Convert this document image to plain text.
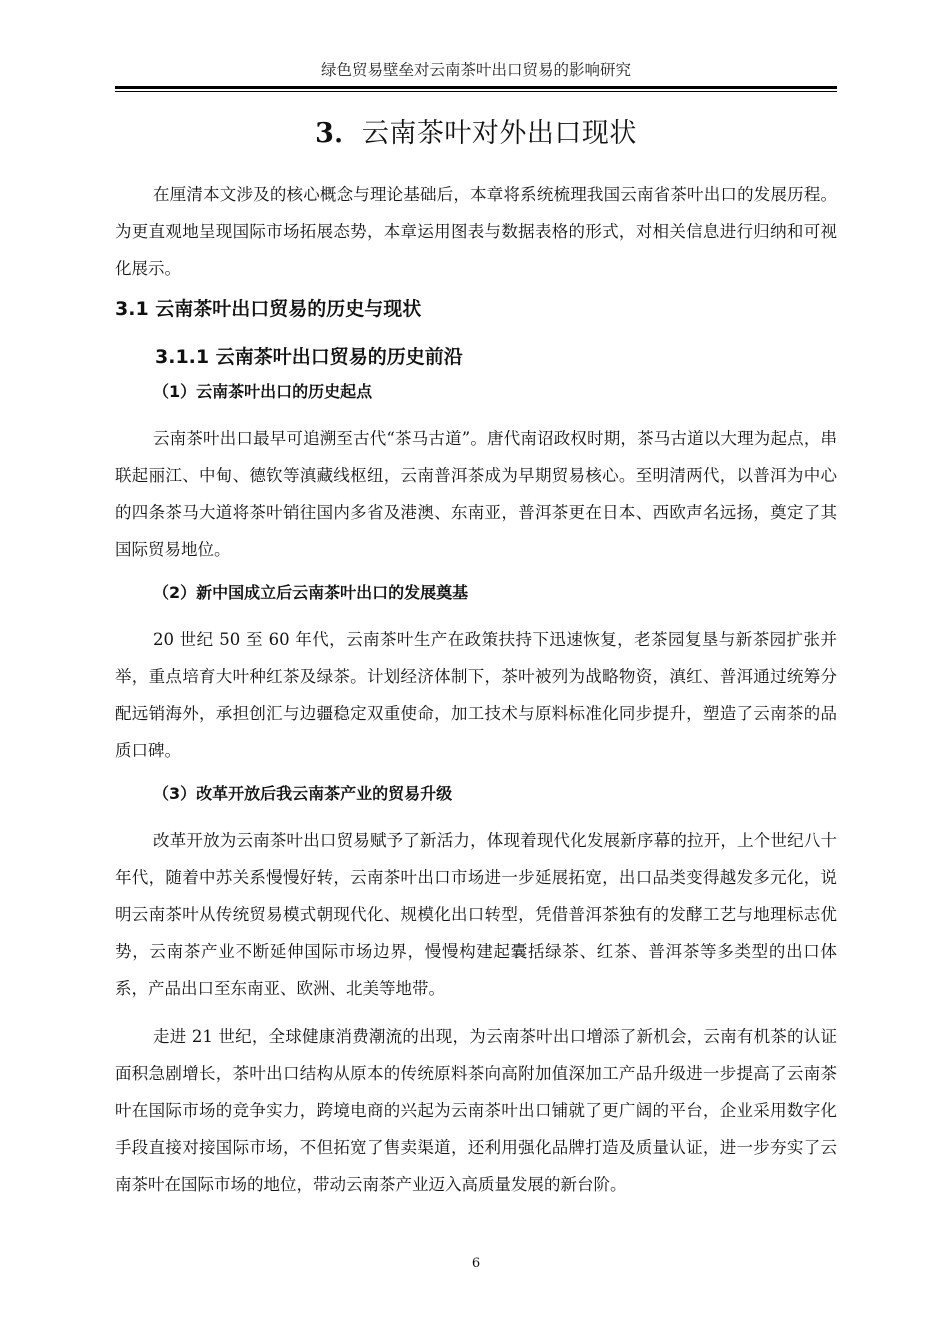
绿色贸易壁垒对云南茶叶出口贸易的影响研究
3．云南茶叶对外出口现状

在厘清本文涉及的核心概念与理论基础后，本章将系统梳理我国云南省茶叶出口的发展历程。为更直观地呈现国际市场拓展态势，本章运用图表与数据表格的形式，对相关信息进行归纳和可视化展示。

3.1 云南茶叶出口贸易的历史与现状
3.1.1 云南茶叶出口贸易的历史前沿
（1）云南茶叶出口的历史起点

云南茶叶出口最早可追溯至古代“茶马古道”。唐代南诏政权时期，茶马古道以大理为起点，串联起丽江、中甸、德钦等滇藏线枢纽，云南普洱茶成为早期贸易核心。至明清两代，以普洱为中心的四条茶马大道将茶叶销往国内多省及港澳、东南亚，普洱茶更在日本、西欧声名远扬，奠定了其国际贸易地位。

（2）新中国成立后云南茶叶出口的发展奠基

20 世纪 50 至 60 年代，云南茶叶生产在政策扶持下迅速恢复，老茶园复垦与新茶园扩张并举，重点培育大叶种红茶及绿茶。计划经济体制下，茶叶被列为战略物资，滇红、普洱通过统筹分配远销海外，承担创汇与边疆稳定双重使命，加工技术与原料标准化同步提升，塑造了云南茶的品质口碑。

（3）改革开放后我云南茶产业的贸易升级

改革开放为云南茶叶出口贸易赋予了新活力，体现着现代化发展新序幕的拉开，上个世纪八十年代，随着中苏关系慢慢好转，云南茶叶出口市场进一步延展拓宽，出口品类变得越发多元化，说明云南茶叶从传统贸易模式朝现代化、规模化出口转型，凭借普洱茶独有的发酵工艺与地理标志优势，云南茶产业不断延伸国际市场边界，慢慢构建起囊括绿茶、红茶、普洱茶等多类型的出口体系，产品出口至东南亚、欧洲、北美等地带。

走进 21 世纪，全球健康消费潮流的出现，为云南茶叶出口增添了新机会，云南有机茶的认证面积急剧增长，茶叶出口结构从原本的传统原料茶向高附加值深加工产品升级进一步提高了云南茶叶在国际市场的竞争实力，跨境电商的兴起为云南茶叶出口铺就了更广阔的平台，企业采用数字化手段直接对接国际市场，不但拓宽了售卖渠道，还利用强化品牌打造及质量认证，进一步夯实了云南茶叶在国际市场的地位，带动云南茶产业迈入高质量发展的新台阶。

6
